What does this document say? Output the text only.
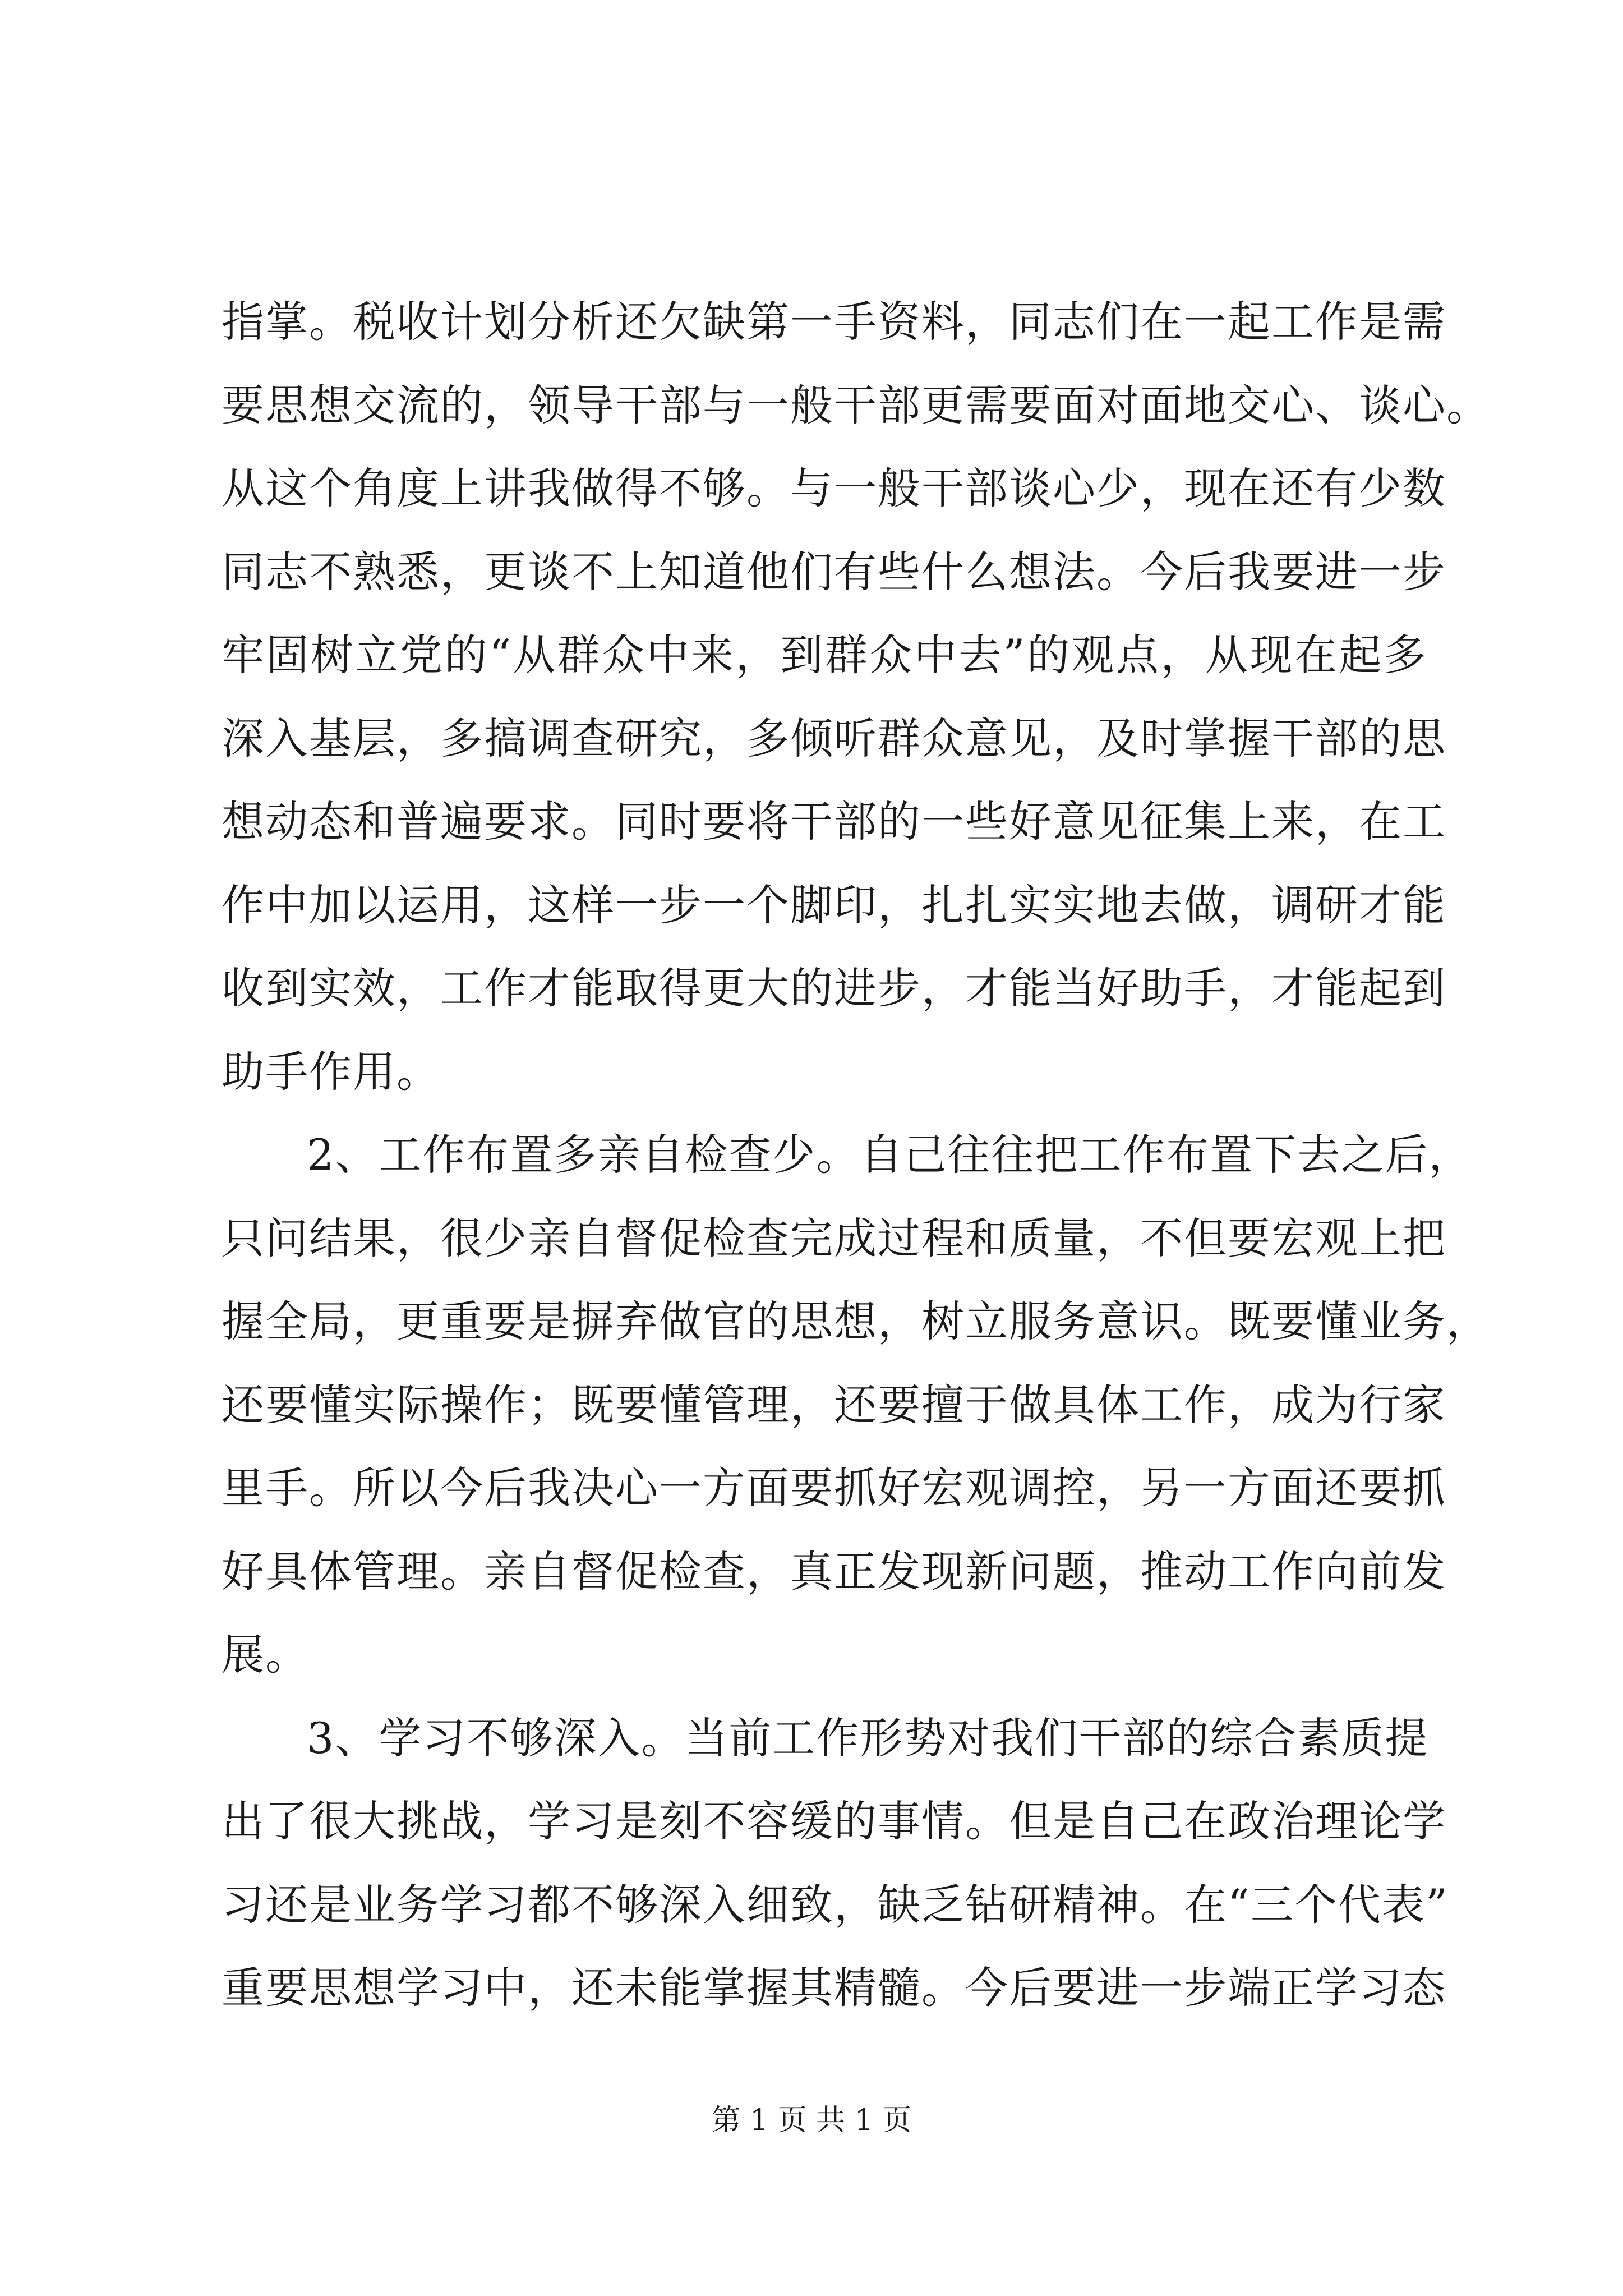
指掌。税收计划分析还欠缺第一手资料，同志们在一起工作是需
要思想交流的，领导干部与一般干部更需要面对面地交心、谈心。
从这个角度上讲我做得不够。与一般干部谈心少，现在还有少数
同志不熟悉，更谈不上知道他们有些什么想法。今后我要进一步
牢固树立党的“从群众中来，到群众中去”的观点，从现在起多
深入基层，多搞调查研究，多倾听群众意见，及时掌握干部的思
想动态和普遍要求。同时要将干部的一些好意见征集上来，在工
作中加以运用，这样一步一个脚印，扎扎实实地去做，调研才能
收到实效，工作才能取得更大的进步，才能当好助手，才能起到
助手作用。
2、工作布置多亲自检查少。自己往往把工作布置下去之后，
只问结果，很少亲自督促检查完成过程和质量，不但要宏观上把
握全局，更重要是摒弃做官的思想，树立服务意识。既要懂业务，
还要懂实际操作；既要懂管理，还要擅于做具体工作，成为行家
里手。所以今后我决心一方面要抓好宏观调控，另一方面还要抓
好具体管理。亲自督促检查，真正发现新问题，推动工作向前发
展。
3、学习不够深入。当前工作形势对我们干部的综合素质提
出了很大挑战，学习是刻不容缓的事情。但是自己在政治理论学
习还是业务学习都不够深入细致，缺乏钻研精神。在“三个代表”
重要思想学习中，还未能掌握其精髓。今后要进一步端正学习态
第 1 页 共 1 页
